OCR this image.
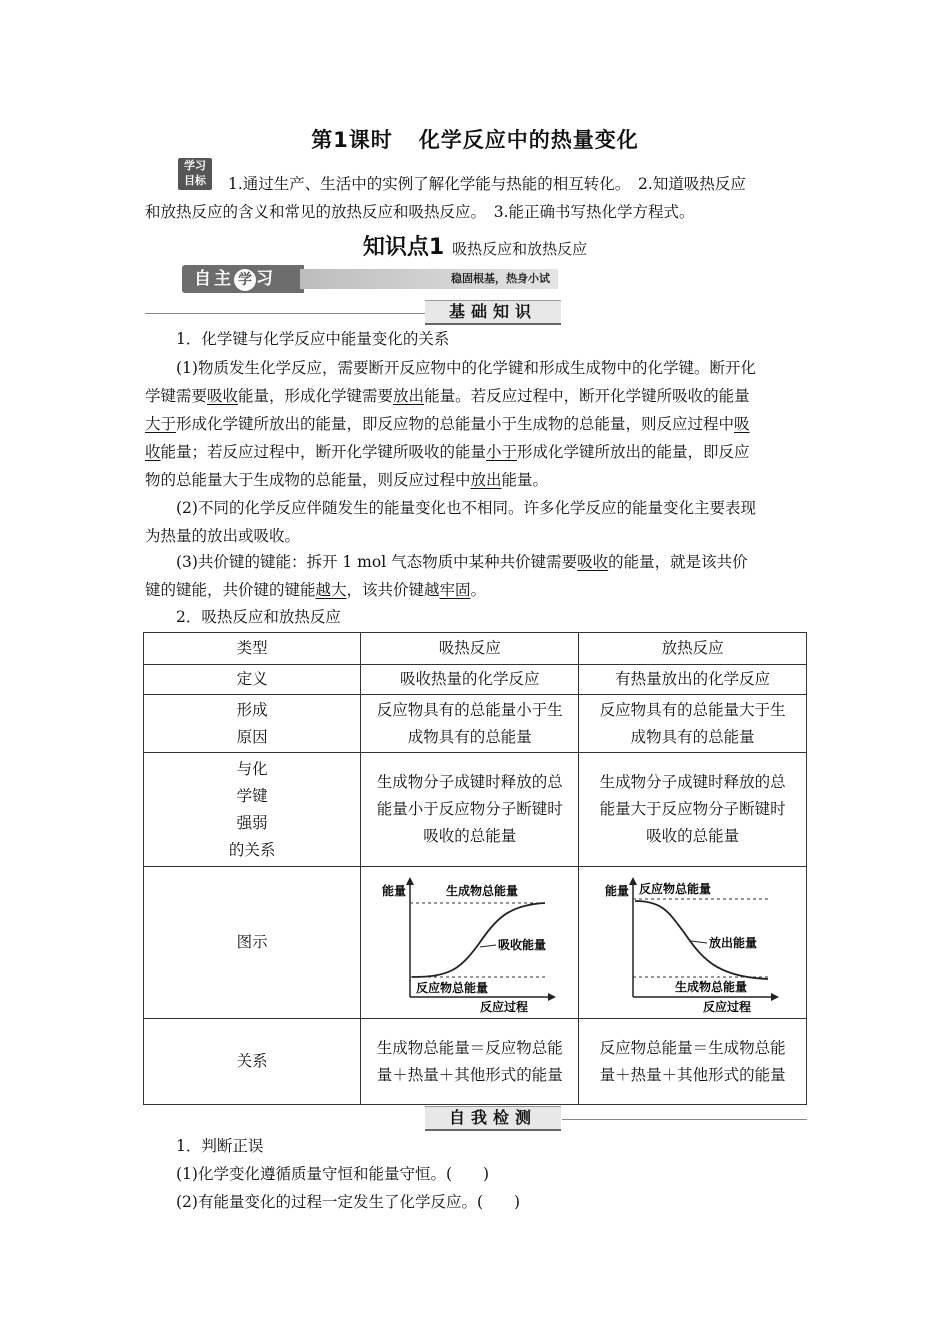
第1课时 化学反应中的热量变化
学习
目标	1.通过生产、生活中的实例了解化学能与热能的相互转化。　2.知道吸热反应
和放热反应的含义和常见的放热反应和吸热反应。　3.能正确书写热化学方程式。
知识点1 吸热反应和放热反应
自主 学 习	稳固根基，热身小试
基础知识
1．化学键与化学反应中能量变化的关系
(1)物质发生化学反应，需要断开反应物中的化学键和形成生成物中的化学键。断开化
学键需要吸收能量，形成化学键需要放出能量。若反应过程中，断开化学键所吸收的能量
大于形成化学键所放出的能量，即反应物的总能量小于生成物的总能量，则反应过程中吸
收能量；若反应过程中，断开化学键所吸收的能量小于形成化学键所放出的能量，即反应
物的总能量大于生成物的总能量，则反应过程中放出能量。
(2)不同的化学反应伴随发生的能量变化也不相同。许多化学反应的能量变化主要表现
为热量的放出或吸收。
(3)共价键的键能：拆开 1 mol 气态物质中某种共价键需要吸收的能量，就是该共价
键的键能，共价键的键能越大，该共价键越牢固。
2．吸热反应和放热反应
类型	吸热反应	放热反应
定义	吸收热量的化学反应	有热量放出的化学反应

形成
原因	反应物具有的总能量小于生成物具有的总能量	反应物具有的总能量大于生成物具有的总能量

与化
学键
强弱
的关系	生成物分子成键时释放的总能量小于反应物分子断键时吸收的总能量	生成物分子成键时释放的总能量大于反应物分子断键时吸收的总能量
图示	能量 生成物总能量
吸收能量
反应物总能量
反应过程	能量 反应物总能量
放出能量
生成物总能量
反应过程

关系	生成物总能量＝反应物总能量＋热量＋其他形式的能量	反应物总能量＝生成物总能量＋热量＋其他形式的能量
自我检测
1．判断正误
(1)化学变化遵循质量守恒和能量守恒。(　　)
(2)有能量变化的过程一定发生了化学反应。(　　)
